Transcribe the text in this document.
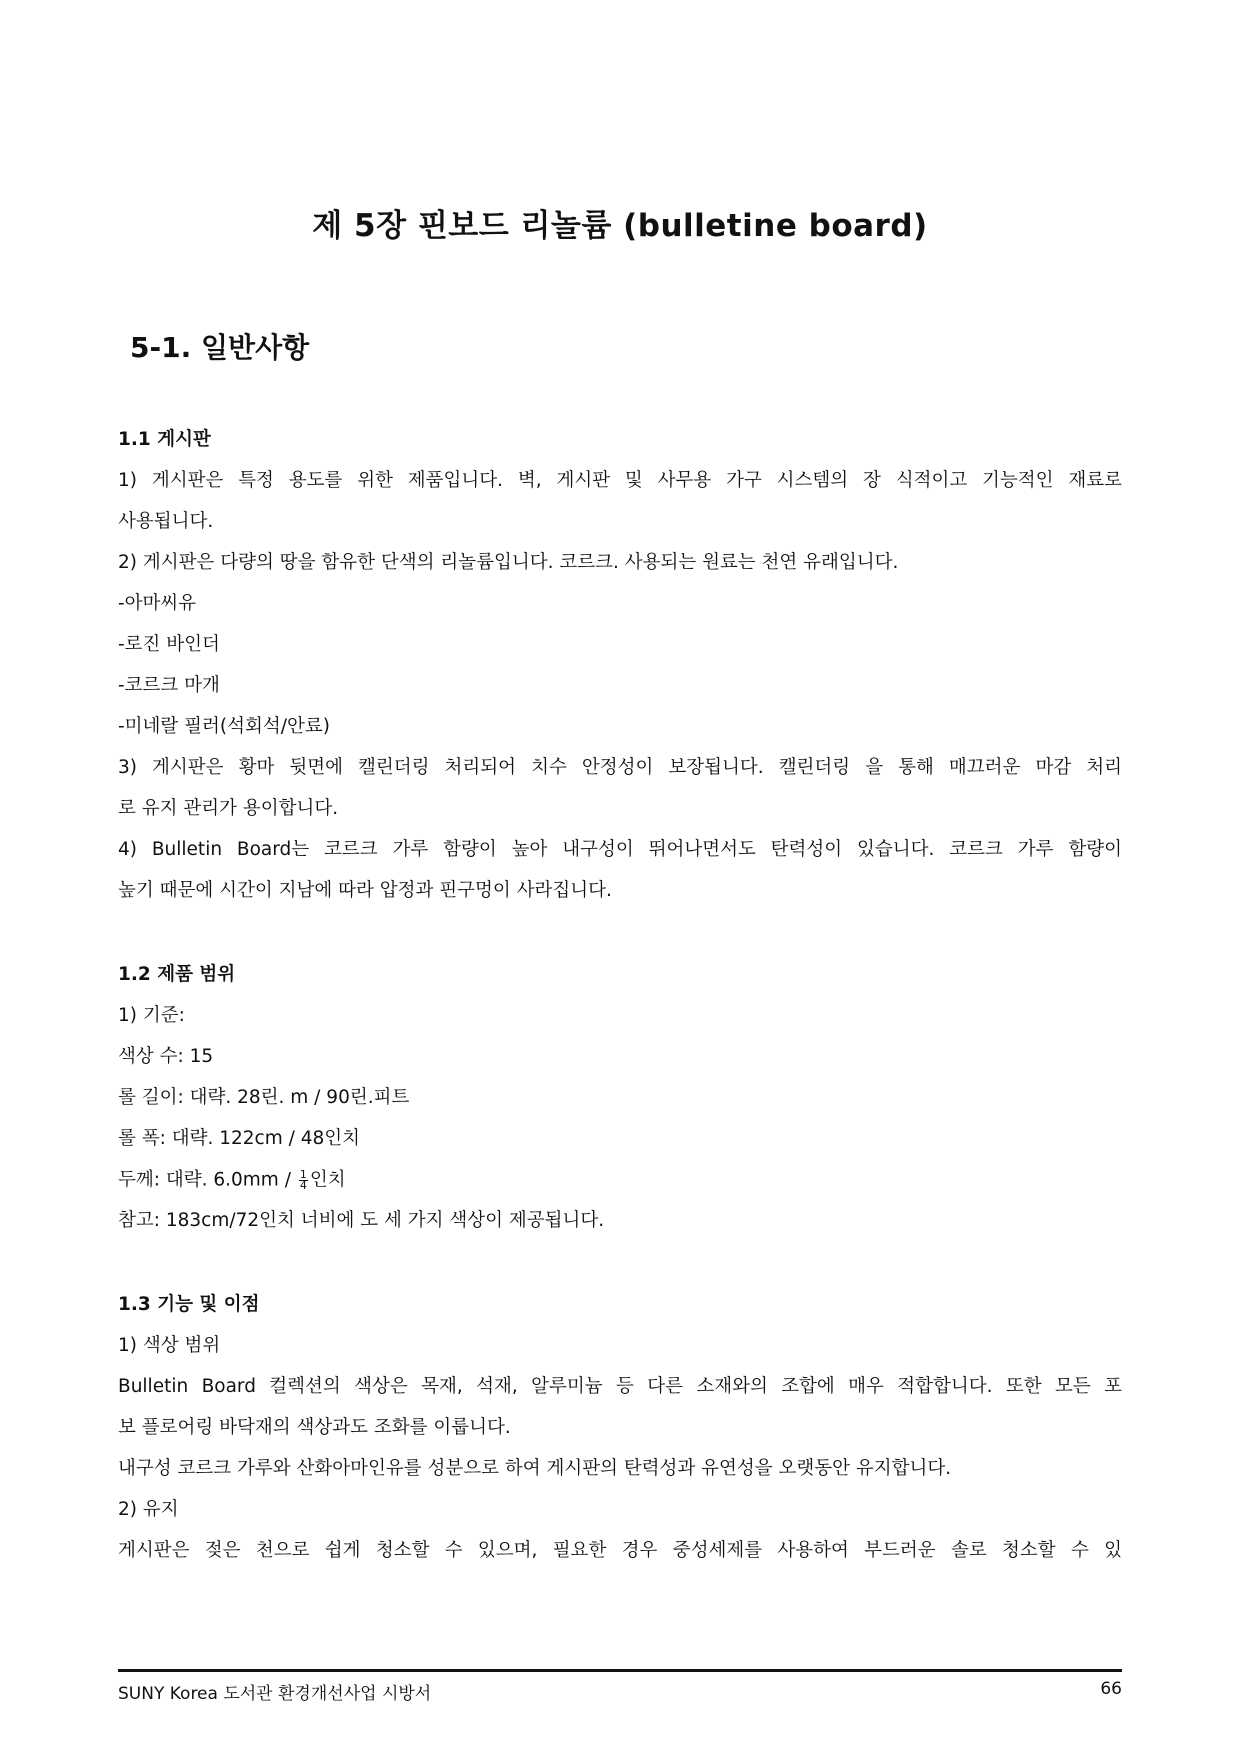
제 5장 핀보드 리놀륨 (bulletine board)
5-1. 일반사항
1.1 게시판
1) 게시판은 특정 용도를 위한 제품입니다. 벽, 게시판 및 사무용 가구 시스템의 장 식적이고 기능적인 재료로
사용됩니다.
2) 게시판은 다량의 땅을 함유한 단색의 리놀륨입니다. 코르크. 사용되는 원료는 천연 유래입니다.
-아마씨유
-로진 바인더
-코르크 마개
-미네랄 필러(석회석/안료)
3) 게시판은 황마 뒷면에 캘린더링 처리되어 치수 안정성이 보장됩니다. 캘린더링 을 통해 매끄러운 마감 처리
로 유지 관리가 용이합니다.
4) Bulletin Board는 코르크 가루 함량이 높아 내구성이 뛰어나면서도 탄력성이 있습니다. 코르크 가루 함량이
높기 때문에 시간이 지남에 따라 압정과 핀구멍이 사라집니다.
1.2 제품 범위
1) 기준:
색상 수: 15
롤 길이: 대략. 28린. m / 90린.피트
롤 폭: 대략. 122cm / 48인치
두께: 대략. $6.0mm / \frac{1}{4}$ 인치
참고: 183cm/72인치 너비에 도 세 가지 색상이 제공됩니다.
1.3 기능 및 이점
1) 색상 범위
Bulletin Board 컬렉션의 색상은 목재, 석재, 알루미늄 등 다른 소재와의 조합에 매우 적합합니다. 또한 모든 포
보 플로어링 바닥재의 색상과도 조화를 이룹니다.
내구성 코르크 가루와 산화아마인유를 성분으로 하여 게시판의 탄력성과 유연성을 오랫동안 유지합니다.
2) 유지
게시판은 젖은 천으로 쉽게 청소할 수 있으며, 필요한 경우 중성세제를 사용하여 부드러운 솔로 청소할 수 있
SUNY Korea 도서관 환경개선사업 시방서	66
